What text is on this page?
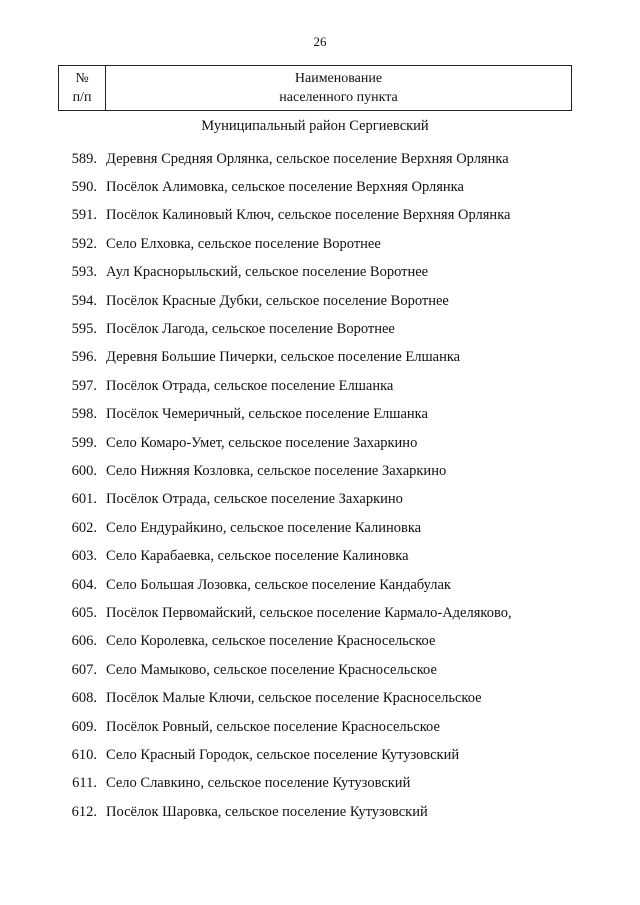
26
№
п/п
Наименование
населенного пункта
Муниципальный район Сергиевский
589. Деревня Средняя Орлянка, сельское поселение Верхняя Орлянка
590. Посёлок Алимовка, сельское поселение Верхняя Орлянка
591. Посёлок Калиновый Ключ, сельское поселение Верхняя Орлянка
592. Село Елховка, сельское поселение Воротнее
593. Аул Краснорыльский, сельское поселение Воротнее
594. Посёлок Красные Дубки, сельское поселение Воротнее
595. Посёлок Лагода, сельское поселение Воротнее
596. Деревня Большие Пичерки, сельское поселение Елшанка
597. Посёлок Отрада, сельское поселение Елшанка
598. Посёлок Чемеричный, сельское поселение Елшанка
599. Село Комаро-Умет, сельское поселение Захаркино
600. Село Нижняя Козловка, сельское поселение Захаркино
601. Посёлок Отрада, сельское поселение Захаркино
602. Село Ендурайкино, сельское поселение Калиновка
603. Село Карабаевка, сельское поселение Калиновка
604. Село Большая Лозовка, сельское поселение Кандабулак
605. Посёлок Первомайский, сельское поселение Кармало-Аделяково,
606. Село Королевка, сельское поселение Красносельское
607. Село Мамыково, сельское поселение Красносельское
608. Посёлок Малые Ключи, сельское поселение Красносельское
609. Посёлок Ровный, сельское поселение Красносельское
610. Село Красный Городок, сельское поселение Кутузовский
611. Село Славкино, сельское поселение Кутузовский
612. Посёлок Шаровка, сельское поселение Кутузовский
